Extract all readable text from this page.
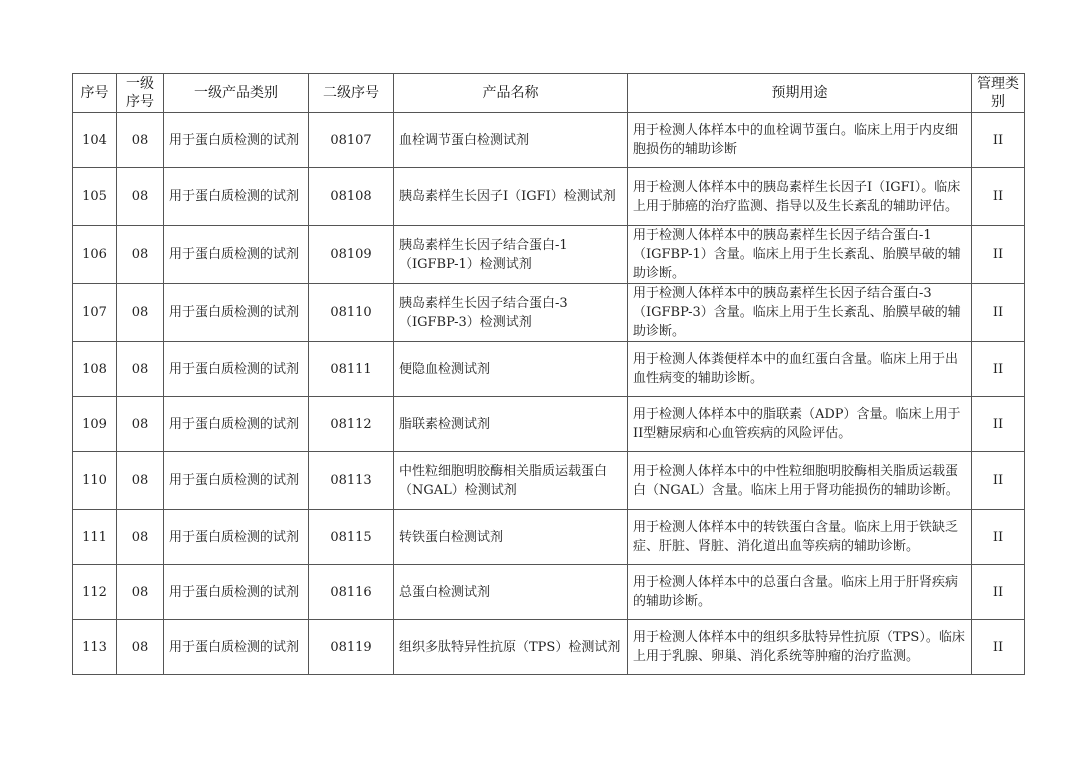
序号	一级序号	一级产品类别	二级序号	产品名称	预期用途	管理类别
104	08	用于蛋白质检测的试剂	08107	血栓调节蛋白检测试剂	用于检测人体样本中的血栓调节蛋白。临床上用于内皮细胞损伤的辅助诊断	II
105	08	用于蛋白质检测的试剂	08108	胰岛素样生长因子I（IGFI）检测试剂	用于检测人体样本中的胰岛素样生长因子I（IGFI）。临床上用于肺癌的治疗监测、指导以及生长紊乱的辅助评估。	II
106	08	用于蛋白质检测的试剂	08109	胰岛素样生长因子结合蛋白-1（IGFBP-1）检测试剂	用于检测人体样本中的胰岛素样生长因子结合蛋白-1（IGFBP-1）含量。临床上用于生长紊乱、胎膜早破的辅助诊断。	II
107	08	用于蛋白质检测的试剂	08110	胰岛素样生长因子结合蛋白-3（IGFBP-3）检测试剂	用于检测人体样本中的胰岛素样生长因子结合蛋白-3（IGFBP-3）含量。临床上用于生长紊乱、胎膜早破的辅助诊断。	II
108	08	用于蛋白质检测的试剂	08111	便隐血检测试剂	用于检测人体粪便样本中的血红蛋白含量。临床上用于出血性病变的辅助诊断。	II
109	08	用于蛋白质检测的试剂	08112	脂联素检测试剂	用于检测人体样本中的脂联素（ADP）含量。临床上用于II型糖尿病和心血管疾病的风险评估。	II
110	08	用于蛋白质检测的试剂	08113	中性粒细胞明胶酶相关脂质运载蛋白（NGAL）检测试剂	用于检测人体样本中的中性粒细胞明胶酶相关脂质运载蛋白（NGAL）含量。临床上用于肾功能损伤的辅助诊断。	II
111	08	用于蛋白质检测的试剂	08115	转铁蛋白检测试剂	用于检测人体样本中的转铁蛋白含量。临床上用于铁缺乏症、肝脏、肾脏、消化道出血等疾病的辅助诊断。	II
112	08	用于蛋白质检测的试剂	08116	总蛋白检测试剂	用于检测人体样本中的总蛋白含量。临床上用于肝肾疾病的辅助诊断。	II
113	08	用于蛋白质检测的试剂	08119	组织多肽特异性抗原（TPS）检测试剂	用于检测人体样本中的组织多肽特异性抗原（TPS）。临床上用于乳腺、卵巢、消化系统等肿瘤的治疗监测。	II
